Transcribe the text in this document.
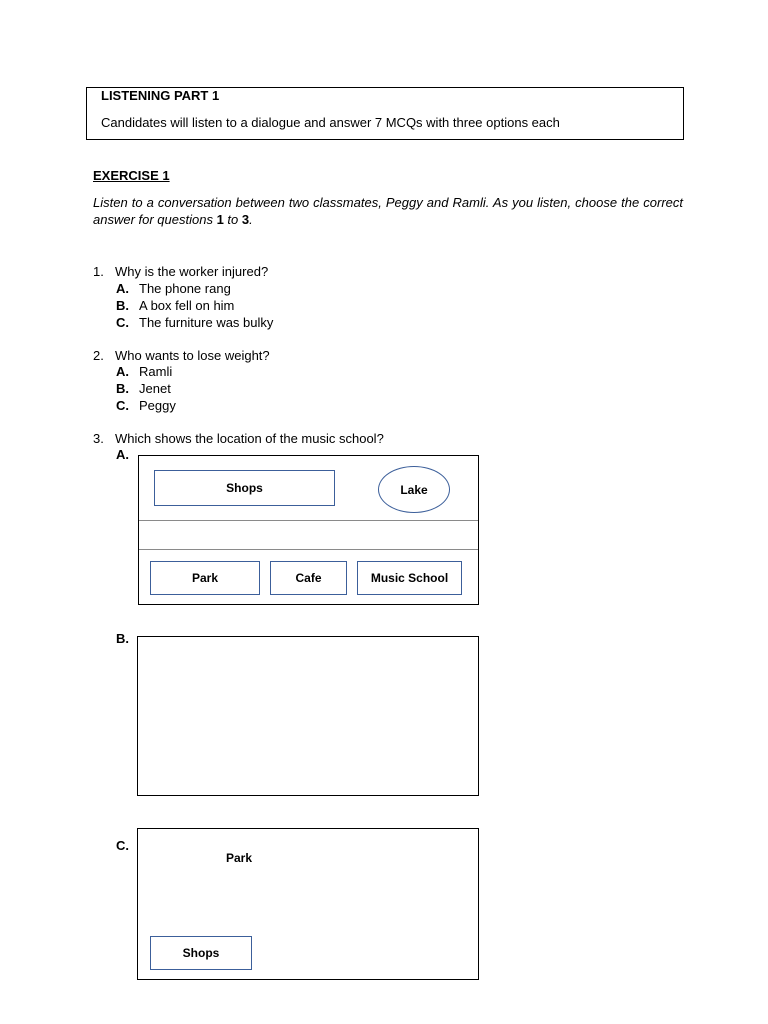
LISTENING PART 1
Candidates will listen to a dialogue and answer 7 MCQs with three options each
EXERCISE 1
Listen to a conversation between two classmates, Peggy and Ramli. As you listen, choose the correct answer for questions 1 to 3.
1. Why is the worker injured?
A. The phone rang
B. A box fell on him
C. The furniture was bulky
2. Who wants to lose weight?
A. Ramli
B. Jenet
C. Peggy
3. Which shows the location of the music school?
A.
Shops	Lake
Park	Cafe	Music School
B.
C.
Park
Shops
